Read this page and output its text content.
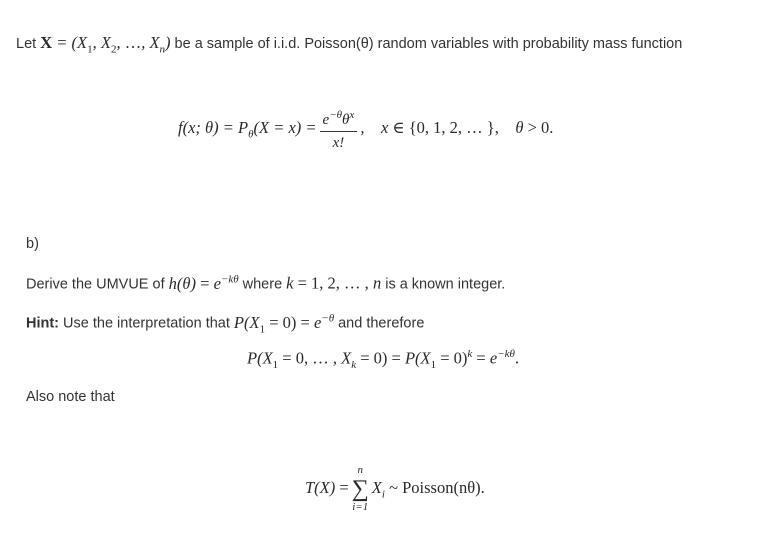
Let $X = (X_1$, $X_2$, …, $X_n$) be a sample of i.i.d. Poisson(θ) random variables with probability mass function
f(x; $\theta) = P_\theta(X = x) = \frac{e^{-\theta}\theta^x}{x!}$ ,    x ∈ {0, 1, 2, … },    θ > 0.
b)
Derive the UMVUE of $h(\theta) = e^{-k\theta}$ where k = 1, 2, … , n is a known integer.
Hint: Use the interpretation that $P(X_1 = 0) = e^{-\theta}$ and therefore
$P(X_1 = 0$, … , $X_k = 0) = P(X_1 = 0)^k = e^{-k\theta}$.
Also note that
T(X) =
n
∑
i=1
$X_i$ ~ Poisson(nθ).
